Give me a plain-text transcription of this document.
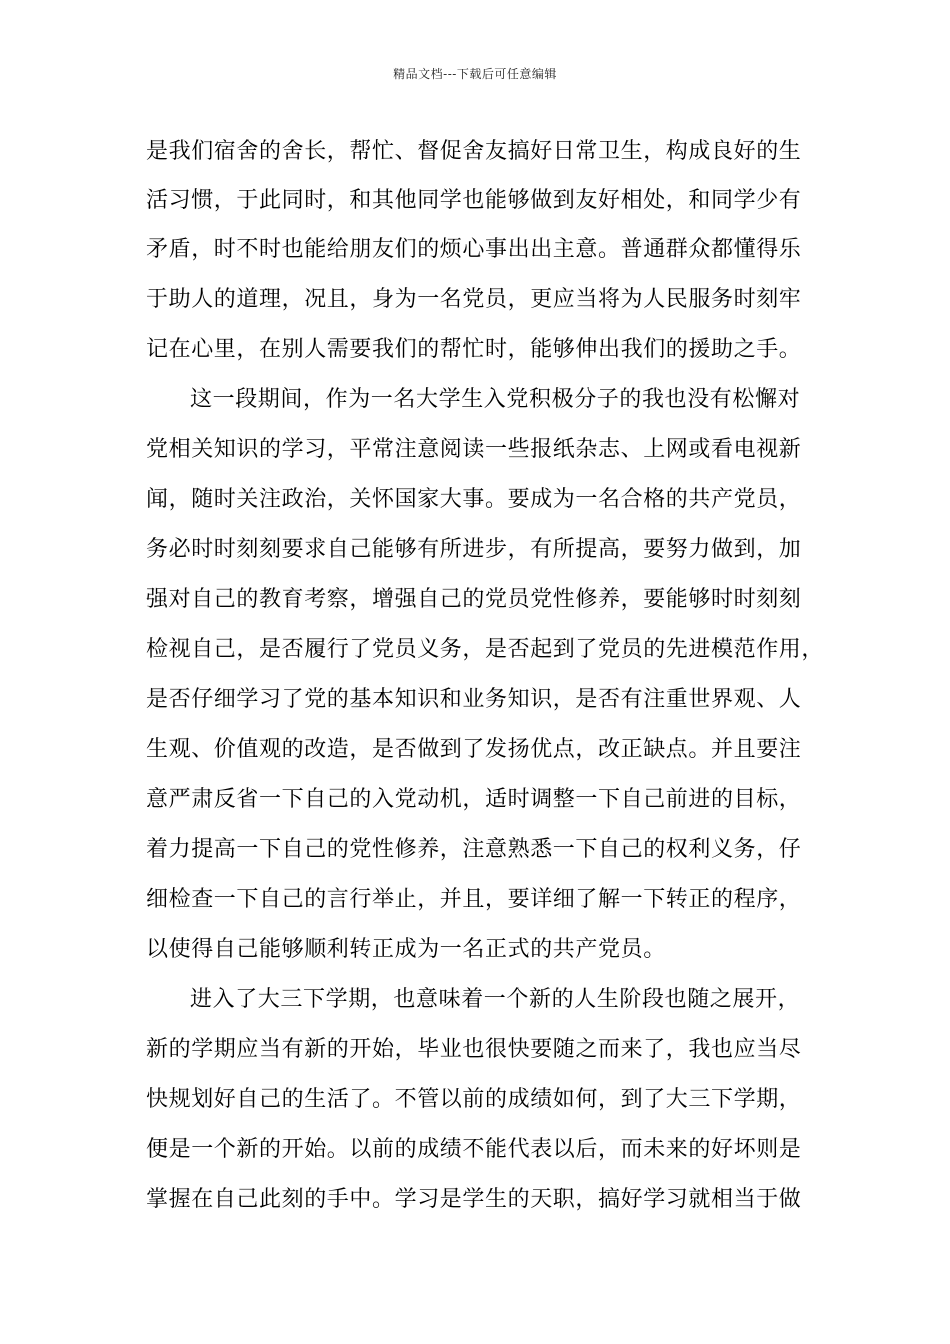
精品文档---下载后可任意编辑
是我们宿舍的舍长，帮忙、督促舍友搞好日常卫生，构成良好的生
活习惯，于此同时，和其他同学也能够做到友好相处，和同学少有
矛盾，时不时也能给朋友们的烦心事出出主意。普通群众都懂得乐
于助人的道理，况且，身为一名党员，更应当将为人民服务时刻牢
记在心里，在别人需要我们的帮忙时，能够伸出我们的援助之手。
这一段期间，作为一名大学生入党积极分子的我也没有松懈对
党相关知识的学习，平常注意阅读一些报纸杂志、上网或看电视新
闻，随时关注政治，关怀国家大事。要成为一名合格的共产党员，
务必时时刻刻要求自己能够有所进步，有所提高，要努力做到，加
强对自己的教育考察，增强自己的党员党性修养，要能够时时刻刻
检视自己，是否履行了党员义务，是否起到了党员的先进模范作用，
是否仔细学习了党的基本知识和业务知识，是否有注重世界观、人
生观、价值观的改造，是否做到了发扬优点，改正缺点。并且要注
意严肃反省一下自己的入党动机，适时调整一下自己前进的目标，
着力提高一下自己的党性修养，注意熟悉一下自己的权利义务，仔
细检查一下自己的言行举止，并且，要详细了解一下转正的程序，
以使得自己能够顺利转正成为一名正式的共产党员。
进入了大三下学期，也意味着一个新的人生阶段也随之展开，
新的学期应当有新的开始，毕业也很快要随之而来了，我也应当尽
快规划好自己的生活了。不管以前的成绩如何，到了大三下学期，
便是一个新的开始。以前的成绩不能代表以后，而未来的好坏则是
掌握在自己此刻的手中。学习是学生的天职，搞好学习就相当于做
